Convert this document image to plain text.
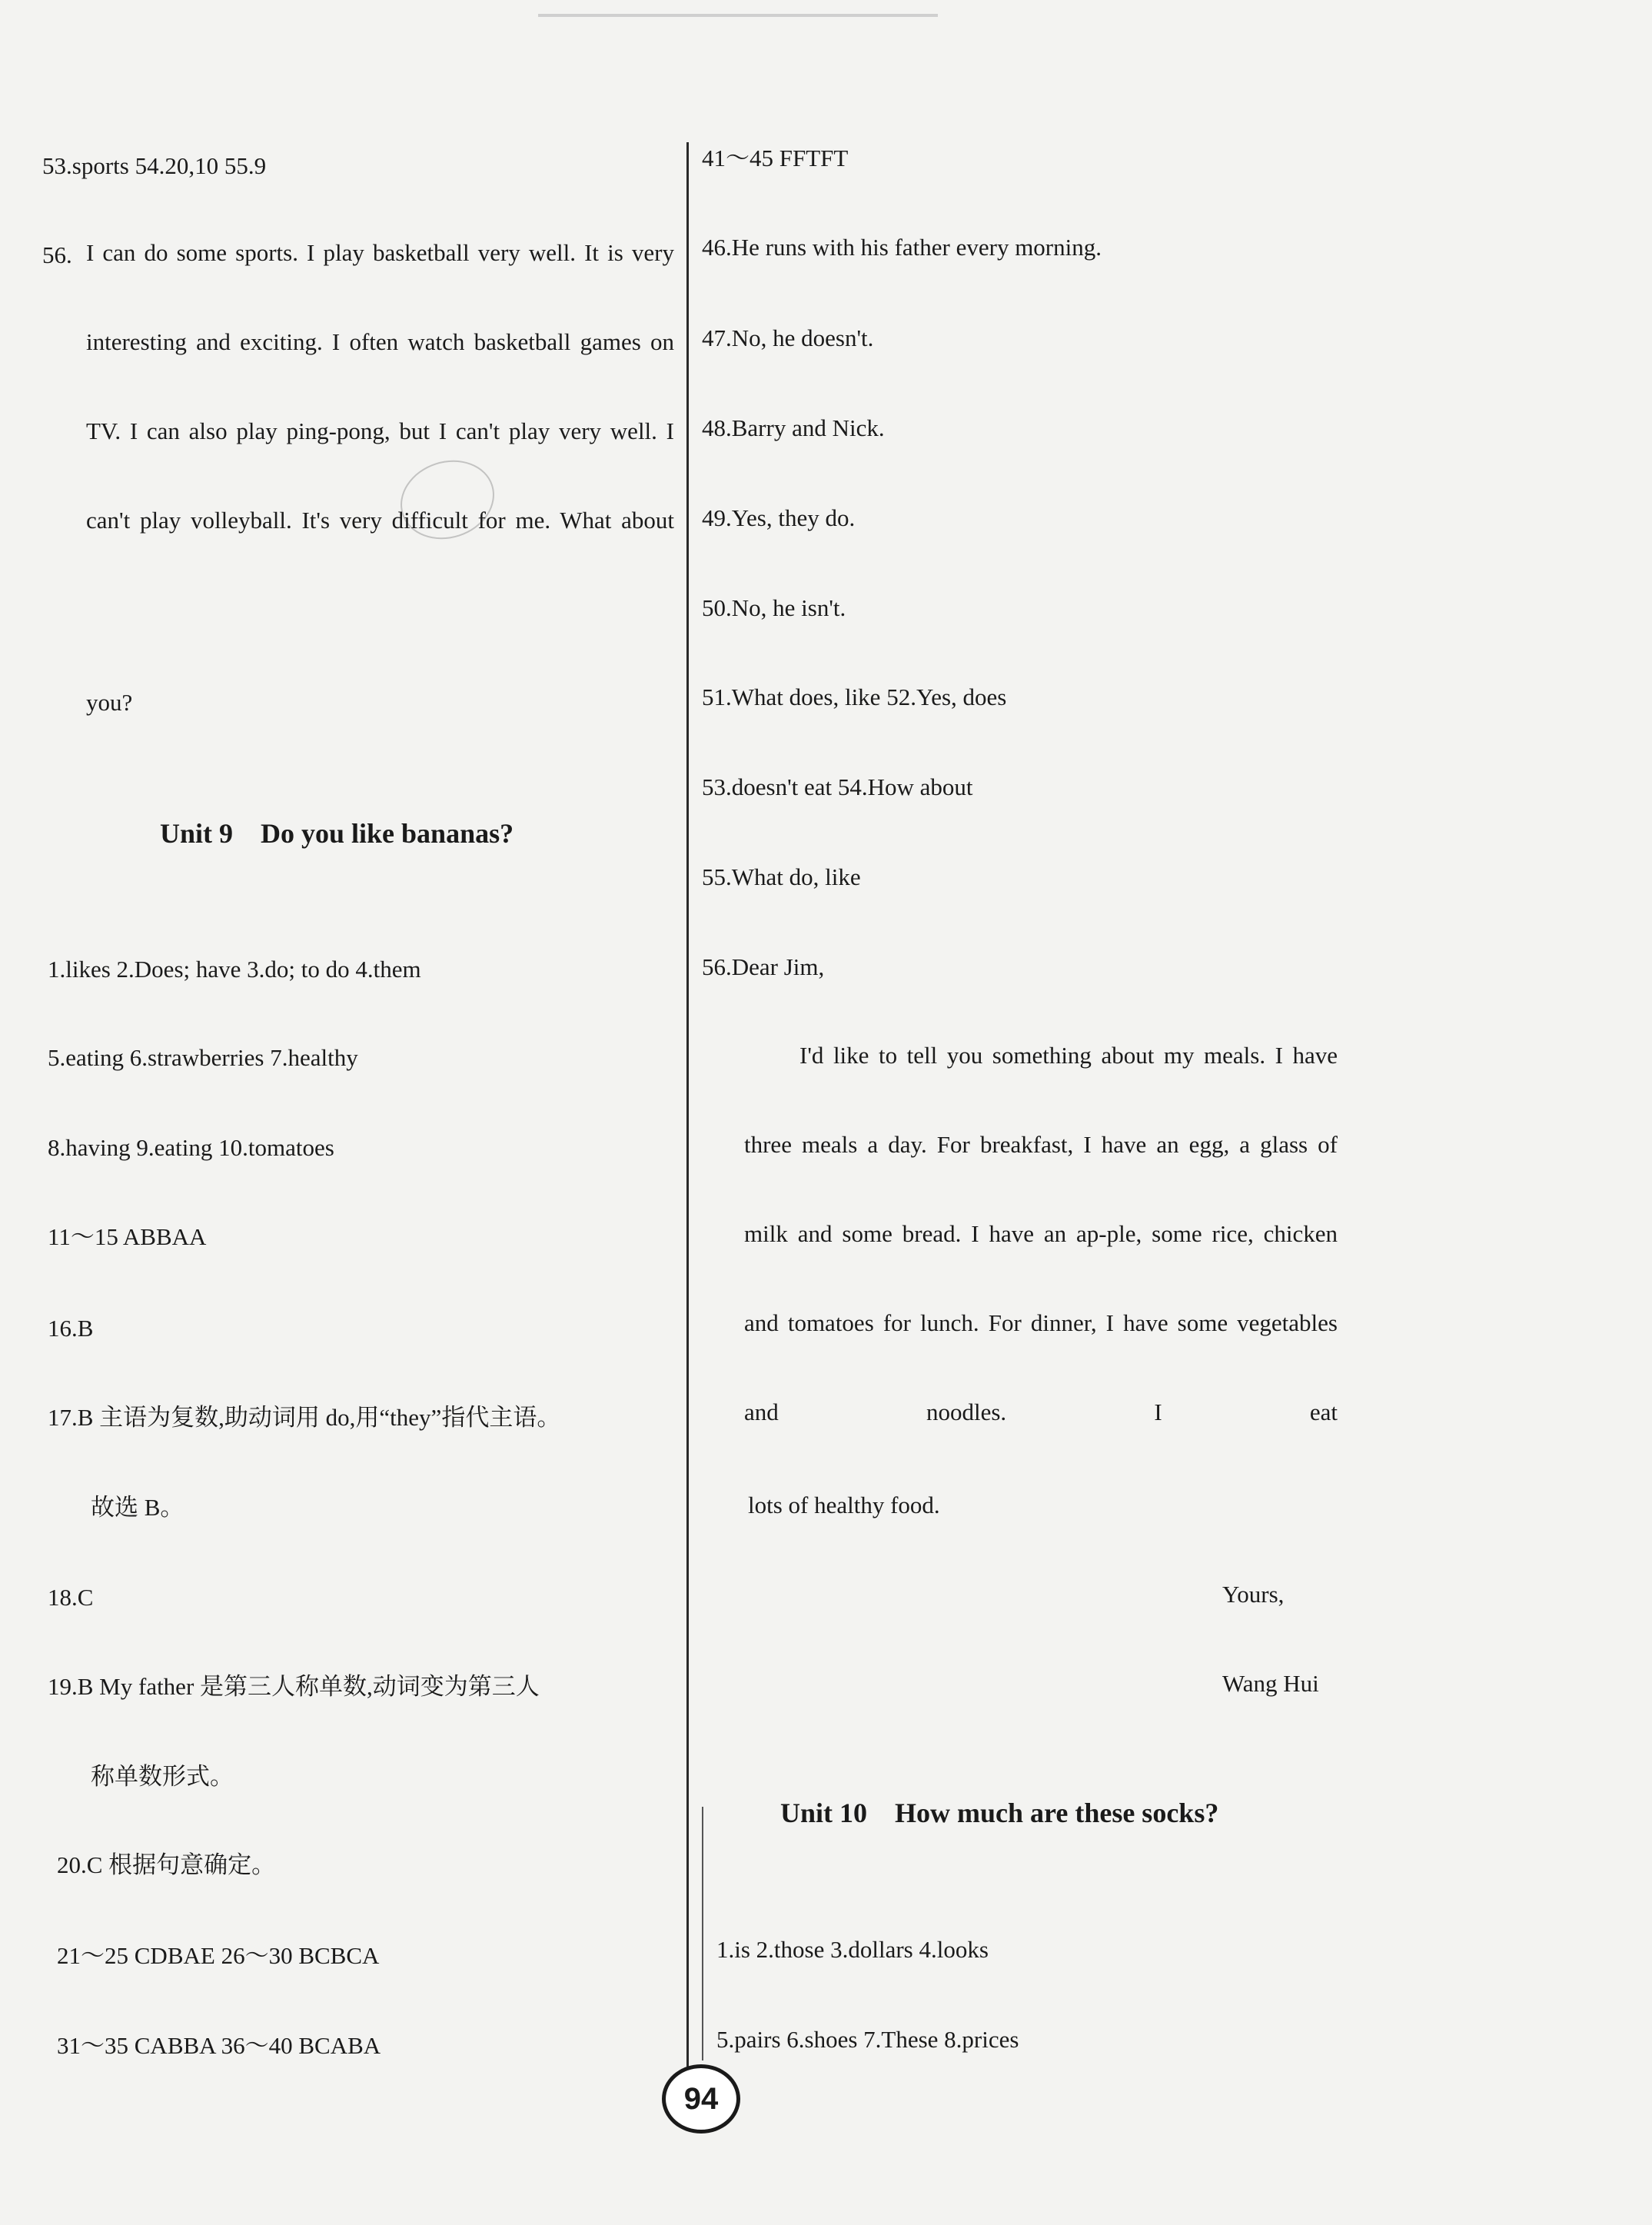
53.sports 54.20,10 55.9
56. I can do some sports. I play basketball very well. It is very interesting and exciting. I often watch basketball games on TV. I can also play ping-pong, but I can't play very well. I can't play volleyball. It's very difficult for me. What about
you?
Unit 9 Do you like bananas?
1.likes 2.Does; have 3.do; to do 4.them
5.eating 6.strawberries 7.healthy
8.having 9.eating 10.tomatoes
11～15 ABBAA
16.B
17.B 主语为复数,助动词用 do,用“they”指代主语。
故选 B。
18.C
19.B My father 是第三人称单数,动词变为第三人
称单数形式。
20.C 根据句意确定。
21～25 CDBAE 26～30 BCBCA
31～35 CABBA 36～40 BCABA
41～45 FFTFT
46.He runs with his father every morning.
47.No, he doesn't.
48.Barry and Nick.
49.Yes, they do.
50.No, he isn't.
51.What does, like 52.Yes, does
53.doesn't eat 54.How about
55.What do, like
56.Dear Jim,
I'd like to tell you something about my meals. I have three meals a day. For breakfast, I have an egg, a glass of milk and some bread. I have an ap-ple, some rice, chicken and tomatoes for lunch. For dinner, I have some vegetables and noodles. I eat
lots of healthy food.
Yours,
Wang Hui
Unit 10 How much are these socks?
1.is 2.those 3.dollars 4.looks
5.pairs 6.shoes 7.These 8.prices
94
